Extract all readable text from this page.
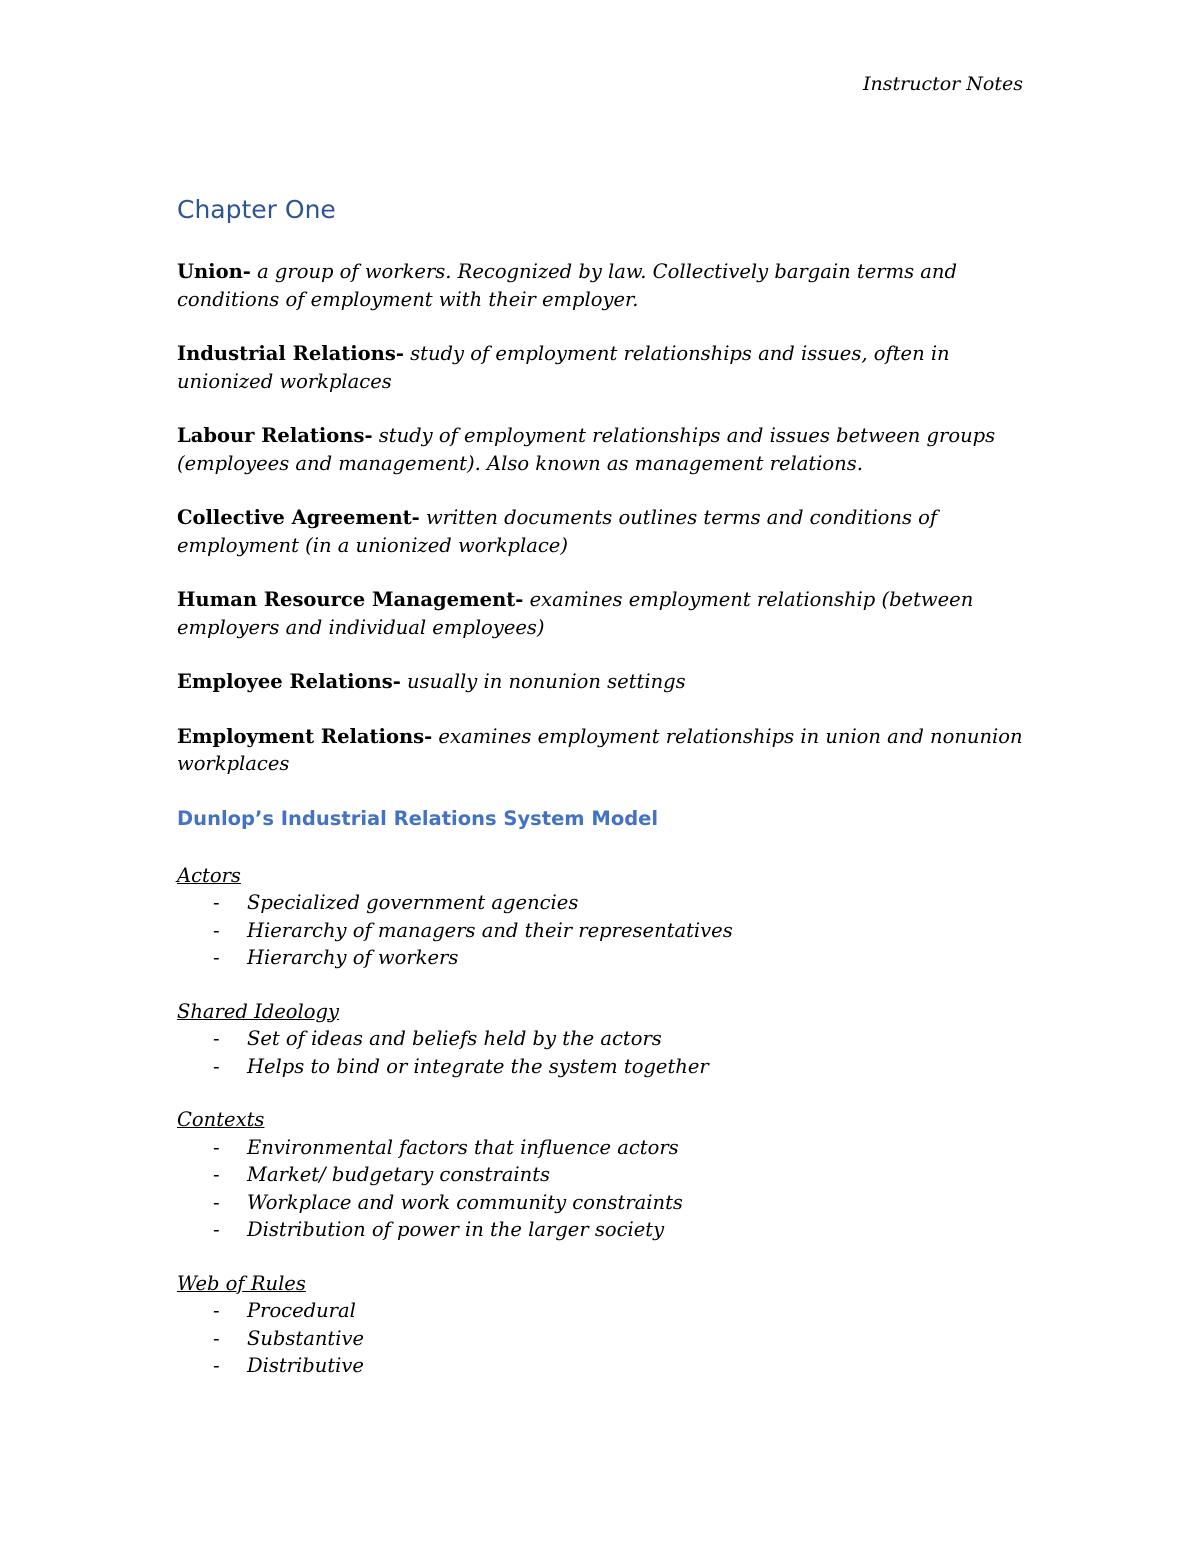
Instructor Notes
Chapter One

Union- a group of workers. Recognized by law. Collectively bargain terms and conditions of employment with their employer.

Industrial Relations- study of employment relationships and issues, often in unionized workplaces

Labour Relations- study of employment relationships and issues between groups (employees and management). Also known as management relations.

Collective Agreement- written documents outlines terms and conditions of employment (in a unionized workplace)

Human Resource Management- examines employment relationship (between employers and individual employees)

Employee Relations- usually in nonunion settings

Employment Relations- examines employment relationships in union and nonunion workplaces

Dunlop’s Industrial Relations System Model
Actors
- Specialized government agencies
- Hierarchy of managers and their representatives
- Hierarchy of workers
Shared Ideology
- Set of ideas and beliefs held by the actors
- Helps to bind or integrate the system together
Contexts
- Environmental factors that influence actors
- Market/ budgetary constraints
- Workplace and work community constraints
- Distribution of power in the larger society
Web of Rules
- Procedural
- Substantive
- Distributive
